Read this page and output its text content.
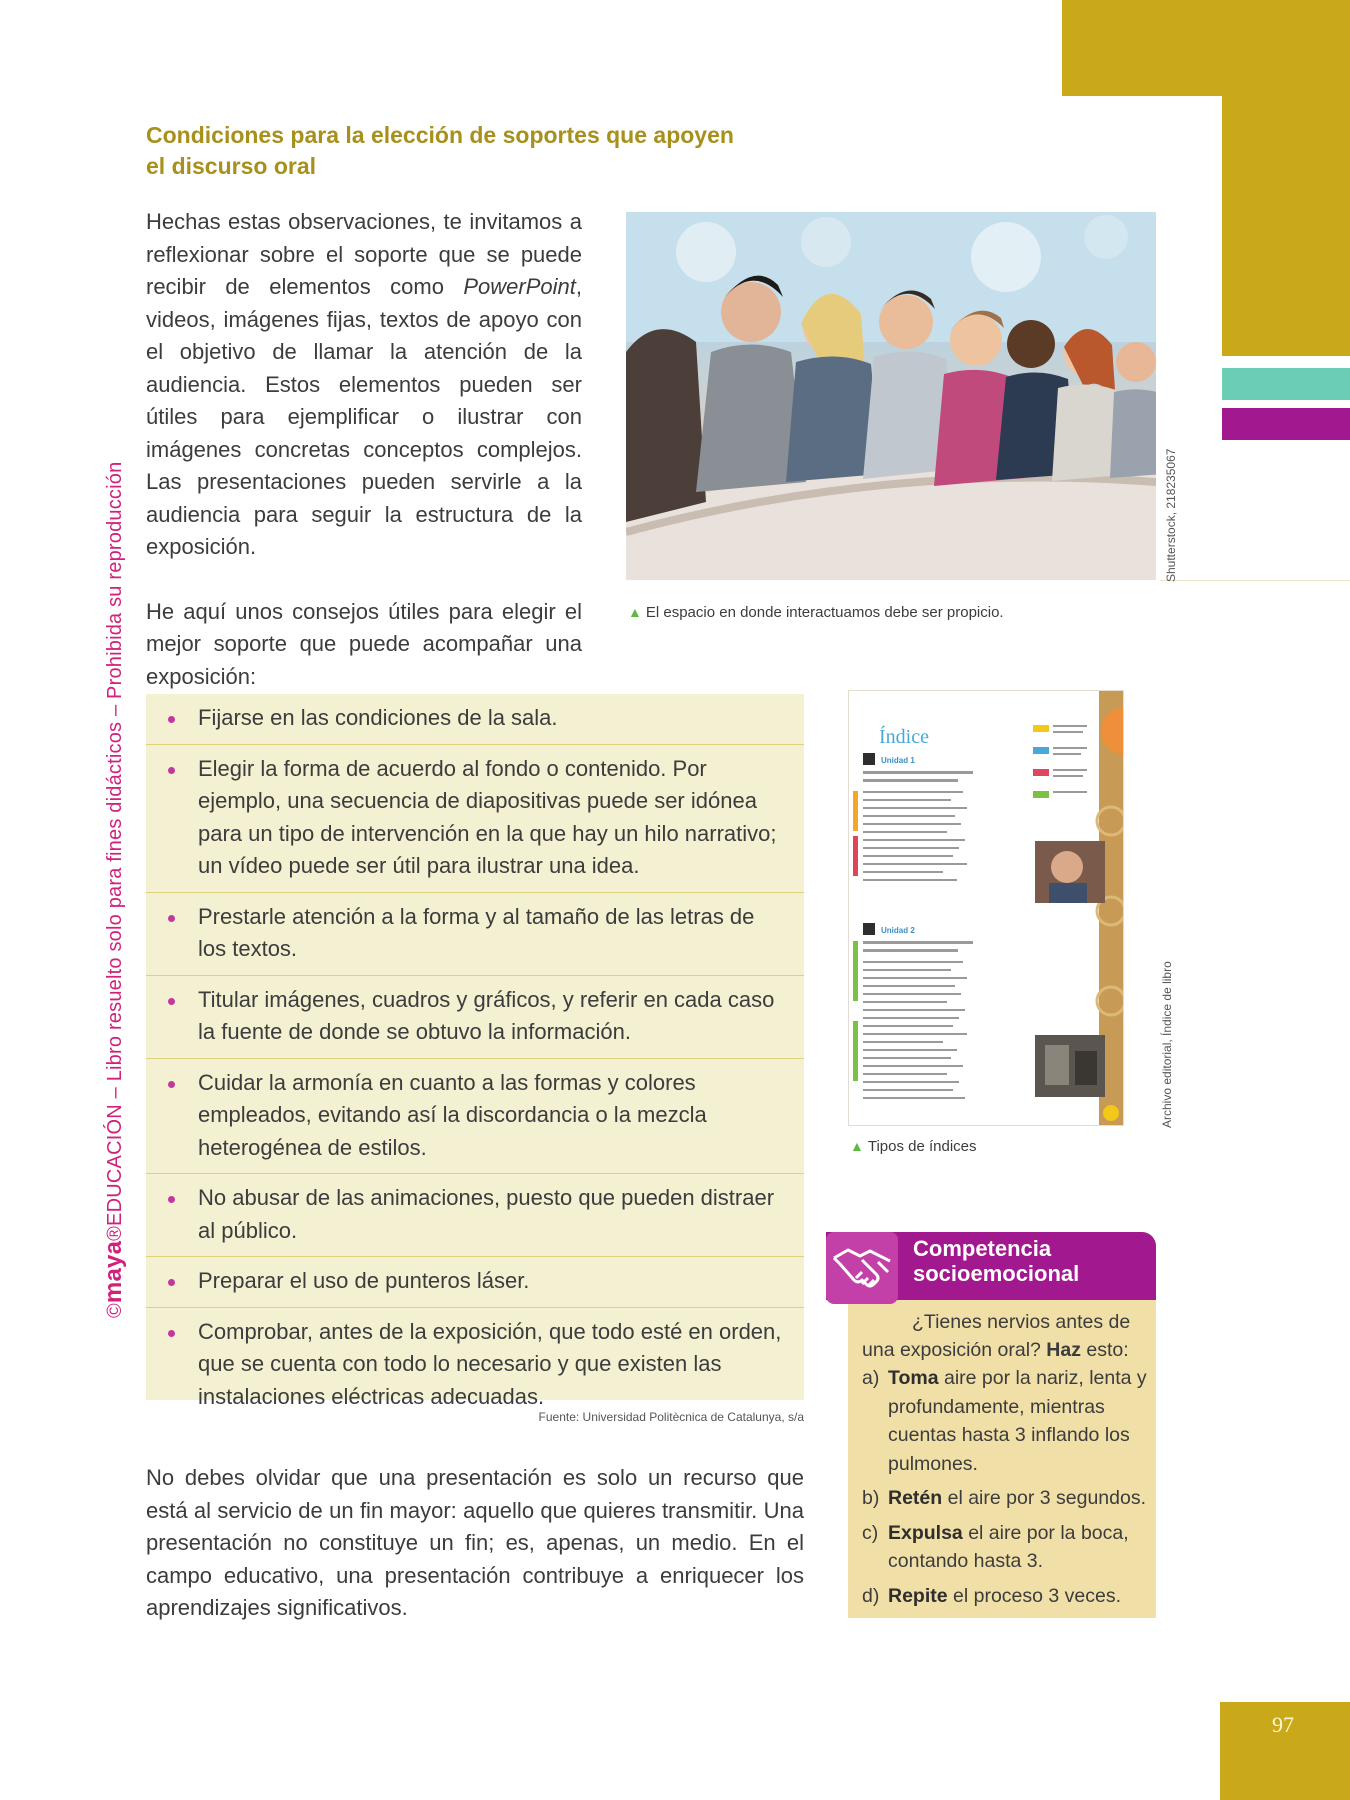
©maya®EDUCACIÓN – Libro resuelto solo para fines didácticos – Prohibida su reproducción
Condiciones para la elección de soportes que apoyen el discurso oral

Hechas estas observaciones, te invitamos a reflexionar sobre el soporte que se puede recibir de elementos como PowerPoint, videos, imágenes fijas, textos de apoyo con el objetivo de llamar la atención de la audiencia. Estos elementos pueden ser útiles para ejemplificar o ilustrar con imágenes concretas conceptos complejos. Las presentaciones pueden servirle a la audiencia para seguir la estructura de la exposición.

He aquí unos consejos útiles para elegir el mejor soporte que puede acompañar una exposición:

Shutterstock, 218235067
▲ El espacio en donde interactuamos debe ser propicio.
Fijarse en las condiciones de la sala.
Elegir la forma de acuerdo al fondo o contenido. Por ejemplo, una secuencia de diapositivas puede ser idónea para un tipo de intervención en la que hay un hilo narrativo; un vídeo puede ser útil para ilustrar una idea.
Prestarle atención a la forma y al tamaño de las letras de los textos.
Titular imágenes, cuadros y gráficos, y referir en cada caso la fuente de donde se obtuvo la información.
Cuidar la armonía en cuanto a las formas y colores empleados, evitando así la discordancia o la mezcla heterogénea de estilos.
No abusar de las animaciones, puesto que pueden distraer al público.
Preparar el uso de punteros láser.
Comprobar, antes de la exposición, que todo esté en orden, que se cuenta con todo lo necesario y que existen las instalaciones eléctricas adecuadas.
Fuente: Universidad Politècnica de Catalunya, s/a

No debes olvidar que una presentación es solo un recurso que está al servicio de un fin mayor: aquello que quieres transmitir. Una presentación no constituye un fin; es, apenas, un medio. En el campo educativo, una presentación contribuye a enriquecer los aprendizajes significativos.

Índice
Unidad 1
Unidad 2
Archivo editorial, Índice de libro
▲ Tipos de índices
Competencia
socioemocional
¿Tienes nervios antes de una exposición oral? Haz esto:
a) Toma aire por la nariz, lenta y profundamente, mientras cuentas hasta 3 inflando los pulmones.
b) Retén el aire por 3 segundos.
c) Expulsa el aire por la boca, contando hasta 3.
d) Repite el proceso 3 veces.
97
